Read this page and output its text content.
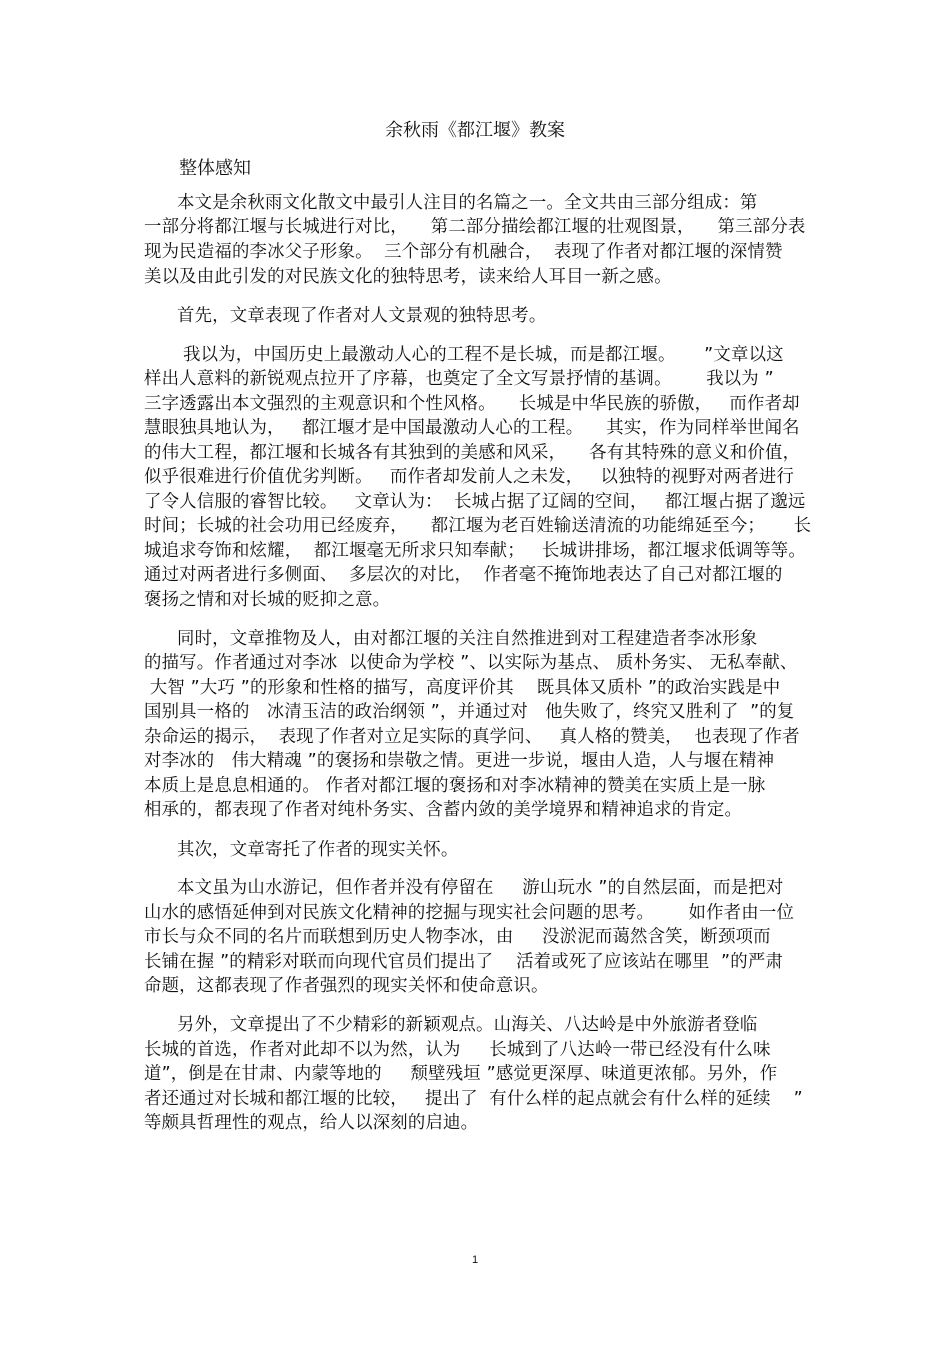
余秋雨《都江堰》教案
整体感知
本文是余秋雨文化散文中最引人注目的名篇之一。全文共由三部分组成：第
一部分将都江堰与长城进行对比，    第二部分描绘都江堰的壮观图景，    第三部分表
现为民造福的李冰父子形象。  三个部分有机融合，  表现了作者对都江堰的深情赞
美以及由此引发的对民族文化的独特思考，读来给人耳目一新之感。
首先，文章表现了作者对人文景观的独特思考。
我以为，中国历史上最激动人心的工程不是长城，而是都江堰。     ”文章以这
样出人意料的新锐观点拉开了序幕，也奠定了全文写景抒情的基调。      我以为 ”
三字透露出本文强烈的主观意识和个性风格。    长城是中华民族的骄傲，   而作者却
慧眼独具地认为，   都江堰才是中国最激动人心的工程。    其实，作为同样举世闻名
的伟大工程，都江堰和长城各有其独到的美感和风采，    各有其特殊的意义和价值，
似乎很难进行价值优劣判断。   而作者却发前人之未发，   以独特的视野对两者进行
了令人信服的睿智比较。   文章认为：  长城占据了辽阔的空间，   都江堰占据了邈远
时间；长城的社会功用已经废弃，    都江堰为老百姓输送清流的功能绵延至今；     长
城追求夸饰和炫耀，  都江堰毫无所求只知奉献；   长城讲排场，都江堰求低调等等。
通过对两者进行多侧面、  多层次的对比，  作者毫不掩饰地表达了自己对都江堰的
褒扬之情和对长城的贬抑之意。
同时，文章推物及人，由对都江堰的关注自然推进到对工程建造者李冰形象
的描写。作者通过对李冰  以使命为学校 ”、以实际为基点、 质朴务实、 无私奉献、
大智 ”大巧 ”的形象和性格的描写，高度评价其    既具体又质朴 ”的政治实践是中
国别具一格的   冰清玉洁的政治纲领 ”，并通过对   他失败了，终究又胜利了  ”的复
杂命运的揭示，  表现了作者对立足实际的真学问、   真人格的赞美，  也表现了作者
对李冰的   伟大精魂 ”的褒扬和崇敬之情。更进一步说，堰由人造，人与堰在精神
本质上是息息相通的。 作者对都江堰的褒扬和对李冰精神的赞美在实质上是一脉
相承的，都表现了作者对纯朴务实、含蓄内敛的美学境界和精神追求的肯定。
其次，文章寄托了作者的现实关怀。
本文虽为山水游记，但作者并没有停留在     游山玩水 ”的自然层面，而是把对
山水的感悟延伸到对民族文化精神的挖掘与现实社会问题的思考。      如作者由一位
市长与众不同的名片而联想到历史人物李冰，由     没淤泥而蔼然含笑，断颈项而
长铺在握 ”的精彩对联而向现代官员们提出了    活着或死了应该站在哪里  ”的严肃
命题，这都表现了作者强烈的现实关怀和使命意识。
另外，文章提出了不少精彩的新颖观点。山海关、八达岭是中外旅游者登临
长城的首选，作者对此却不以为然，认为     长城到了八达岭一带已经没有什么味
道”，倒是在甘肃、内蒙等地的     颓壁残垣 ”感觉更深厚、味道更浓郁。另外，作
者还通过对长城和都江堰的比较，   提出了  有什么样的起点就会有什么样的延续    ”
等颇具哲理性的观点，给人以深刻的启迪。
1
